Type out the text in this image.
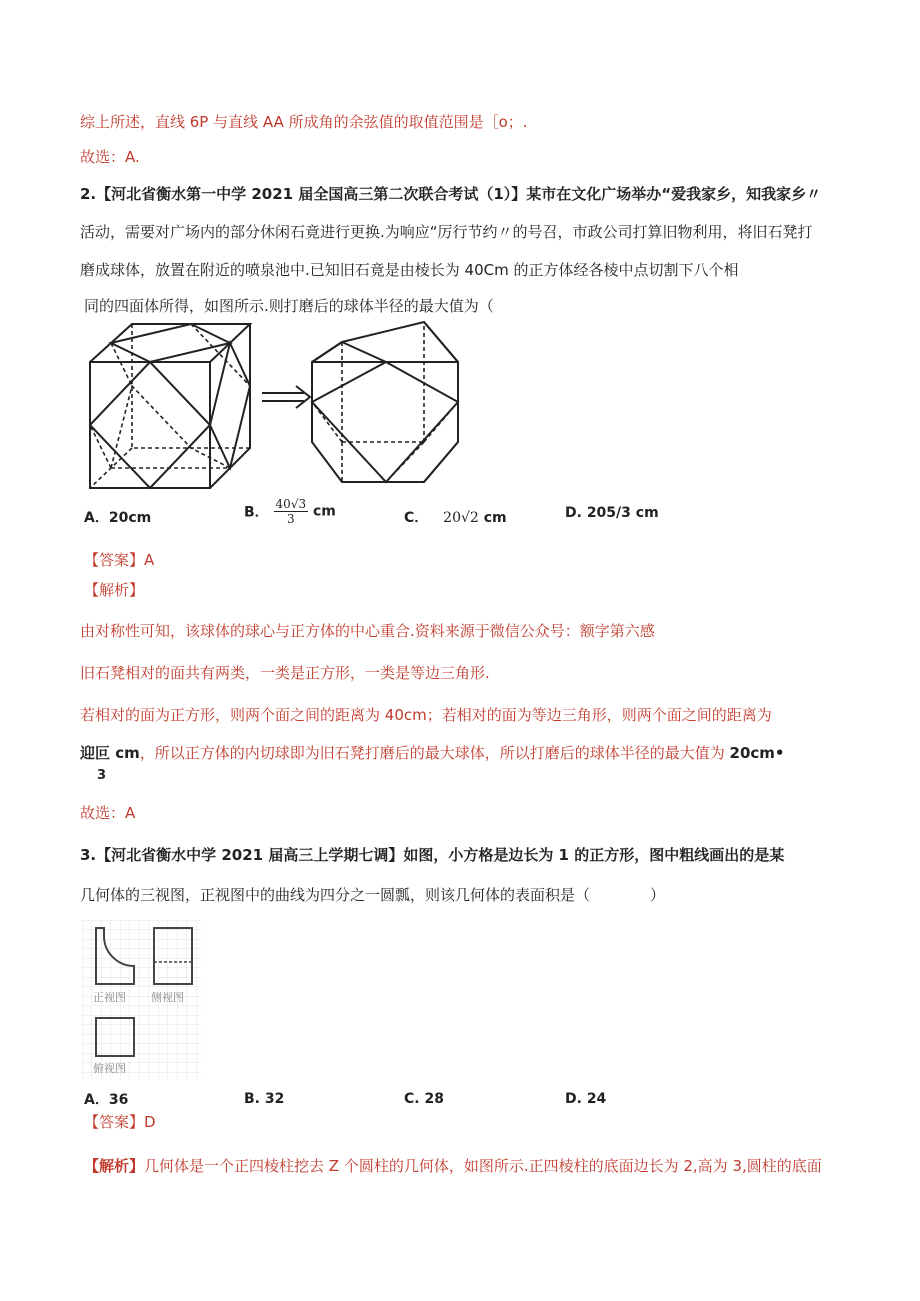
综上所述，直线 6P 与直线 AA 所成角的余弦值的取值范围是［o；.
故选：A.
2.【河北省衡水第一中学 2021 届全国高三第二次联合考试（1）】某市在文化广场举办“爱我家乡，知我家乡〃
活动，需要对广场内的部分休闲石竟进行更换.为响应“厉行节约〃的号召，市政公司打算旧物利用，将旧石凳打
磨成球体，放置在附近的喷泉池中.已知旧石竟是由棱长为 40Cm 的正方体经各棱中点切割下八个相
同的四面体所得，如图所示.则打磨后的球体半径的最大值为（
A．20cm	B． $\frac{40√3}{3}$ cm	C． 20√2 cm	D. 205/3 cm
【答案】A
【解析】
由对称性可知，该球体的球心与正方体的中心重合.资料来源于微信公众号：额字第六感
旧石凳相对的面共有两类，一类是正方形，一类是等边三角形.
若相对的面为正方形，则两个面之间的距离为 40cm；若相对的面为等边三角形，则两个面之间的距离为
迎叵 cm，所以正方体的内切球即为旧石凳打磨后的最大球体，所以打磨后的球体半径的最大值为 20cm•
3
故选：A
3.【河北省衡水中学 2021 届高三上学期七调】如图，小方格是边长为 1 的正方形，图中粗线画出的是某
几何体的三视图，正视图中的曲线为四分之一圆瓢，则该几何体的表面积是（　　　　）
正视图 侧视图
俯视图
A．36	B. 32	C. 28	D. 24
【答案】D
【解析】几何体是一个正四棱柱挖去 Z 个圆柱的几何体，如图所示.正四棱柱的底面边长为 2,高为 3,圆柱的底面
